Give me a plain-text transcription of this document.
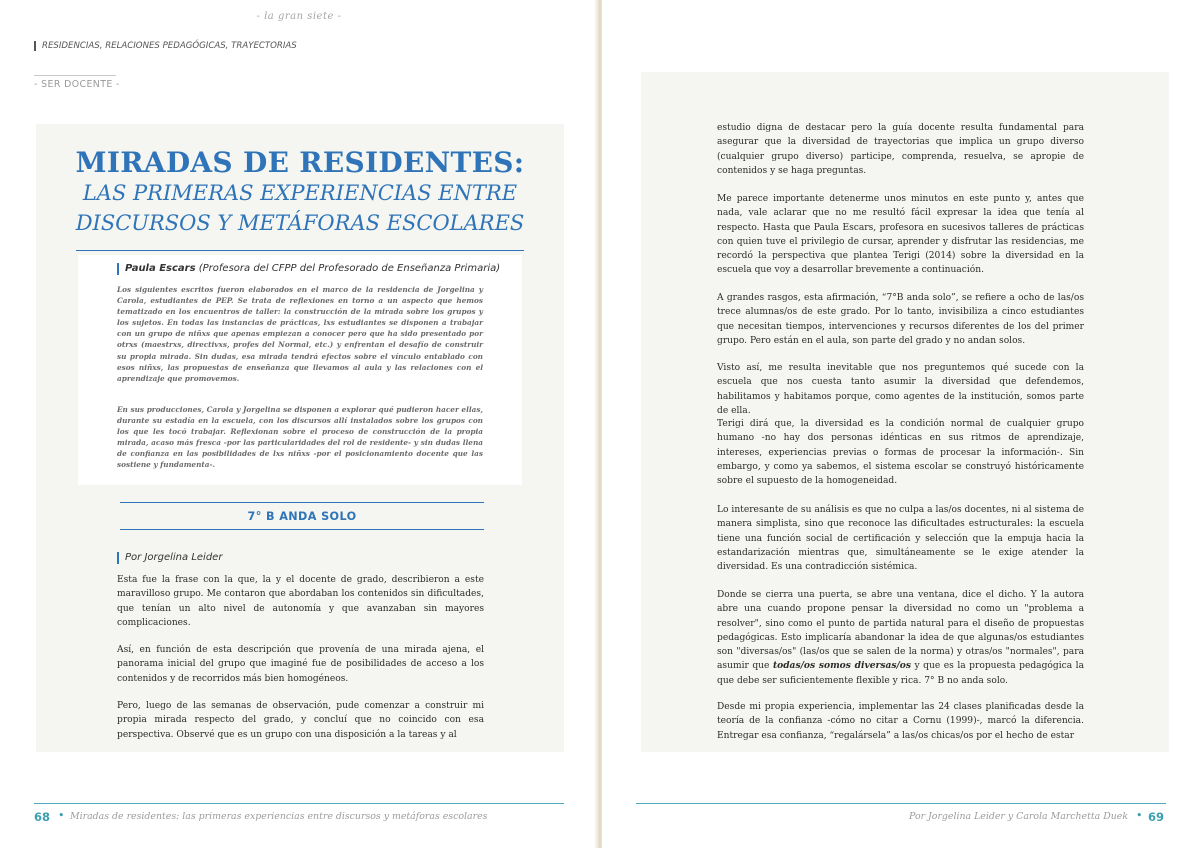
- la gran siete -
RESIDENCIAS, RELACIONES PEDAGÓGICAS, TRAYECTORIAS
- SER DOCENTE -
MIRADAS DE RESIDENTES:
LAS PRIMERAS EXPERIENCIAS ENTRE
DISCURSOS Y METÁFORAS ESCOLARES
Paula Escars (Profesora del CFPP del Profesorado de Enseñanza Primaria)

Los siguientes escritos fueron elaborados en el marco de la residencia de Jorgelina y Carola, estudiantes de PEP. Se trata de reflexiones en torno a un aspecto que hemos tematizado en los encuentros de taller: la construcción de la mirada sobre los grupos y los sujetos. En todas las instancias de prácticas, lxs estudiantes se disponen a trabajar con un grupo de niñxs que apenas empiezan a conocer pero que ha sido presentado por otrxs (maestrxs, directivxs, profes del Normal, etc.) y enfrentan el desafío de construir su propia mirada. Sin dudas, esa mirada tendrá efectos sobre el vínculo entablado con esos niñxs, las propuestas de enseñanza que llevamos al aula y las relaciones con el aprendizaje que promovemos.

En sus producciones, Carola y Jorgelina se disponen a explorar qué pudieron hacer ellas, durante su estadía en la escuela, con los discursos allí instalados sobre los grupos con los que les tocó trabajar. Reflexionan sobre el proceso de construcción de la propia mirada, acaso más fresca -por las particularidades del rol de residente- y sin dudas llena de confianza en las posibilidades de lxs niñxs -por el posicionamiento docente que las sostiene y fundamenta-.

7° B ANDA SOLO
Por Jorgelina Leider

Esta fue la frase con la que, la y el docente de grado, describieron a este maravilloso grupo. Me contaron que abordaban los contenidos sin dificultades, que tenían un alto nivel de autonomía y que avanzaban sin mayores complicaciones.

Así, en función de esta descripción que provenía de una mirada ajena, el panorama inicial del grupo que imaginé fue de posibilidades de acceso a los contenidos y de recorridos más bien homogéneos.

Pero, luego de las semanas de observación, pude comenzar a construir mi propia mirada respecto del grado, y concluí que no coincido con esa perspectiva. Observé que es un grupo con una disposición a la tareas y al

68 • Miradas de residentes: las primeras experiencias entre discursos y metáforas escolares

estudio digna de destacar pero la guía docente resulta fundamental para asegurar que la diversidad de trayectorias que implica un grupo diverso (cualquier grupo diverso) participe, comprenda, resuelva, se apropie de contenidos y se haga preguntas.

Me parece importante detenerme unos minutos en este punto y, antes que nada, vale aclarar que no me resultó fácil expresar la idea que tenía al respecto. Hasta que Paula Escars, profesora en sucesivos talleres de prácticas con quien tuve el privilegio de cursar, aprender y disfrutar las residencias, me recordó la perspectiva que plantea Terigi (2014) sobre la diversidad en la escuela que voy a desarrollar brevemente a continuación.

A grandes rasgos, esta afirmación, “7°B anda solo”, se refiere a ocho de las/os trece alumnas/os de este grado. Por lo tanto, invisibiliza a cinco estudiantes que necesitan tiempos, intervenciones y recursos diferentes de los del primer grupo. Pero están en el aula, son parte del grado y no andan solos.

Visto así, me resulta inevitable que nos preguntemos qué sucede con la escuela que nos cuesta tanto asumir la diversidad que defendemos, habilitamos y habitamos porque, como agentes de la institución, somos parte de ella.

Terigi dirá que, la diversidad es la condición normal de cualquier grupo humano -no hay dos personas idénticas en sus ritmos de aprendizaje, intereses, experiencias previas o formas de procesar la información-. Sin embargo, y como ya sabemos, el sistema escolar se construyó históricamente sobre el supuesto de la homogeneidad.

Lo interesante de su análisis es que no culpa a las/os docentes, ni al sistema de manera simplista, sino que reconoce las dificultades estructurales: la escuela tiene una función social de certificación y selección que la empuja hacia la estandarización mientras que, simultáneamente se le exige atender la diversidad. Es una contradicción sistémica.

Donde se cierra una puerta, se abre una ventana, dice el dicho. Y la autora abre una cuando propone pensar la diversidad no como un "problema a resolver", sino como el punto de partida natural para el diseño de propuestas pedagógicas. Esto implicaría abandonar la idea de que algunas/os estudiantes son "diversas/os" (las/os que se salen de la norma) y otras/os "normales", para asumir que todas/os somos diversas/os y que es la propuesta pedagógica la que debe ser suficientemente flexible y rica. 7° B no anda solo.

Desde mi propia experiencia, implementar las 24 clases planificadas desde la teoría de la confianza -cómo no citar a Cornu (1999)-, marcó la diferencia. Entregar esa confianza, “regalársela” a las/os chicas/os por el hecho de estar

Por Jorgelina Leider y Carola Marchetta Duek • 69
